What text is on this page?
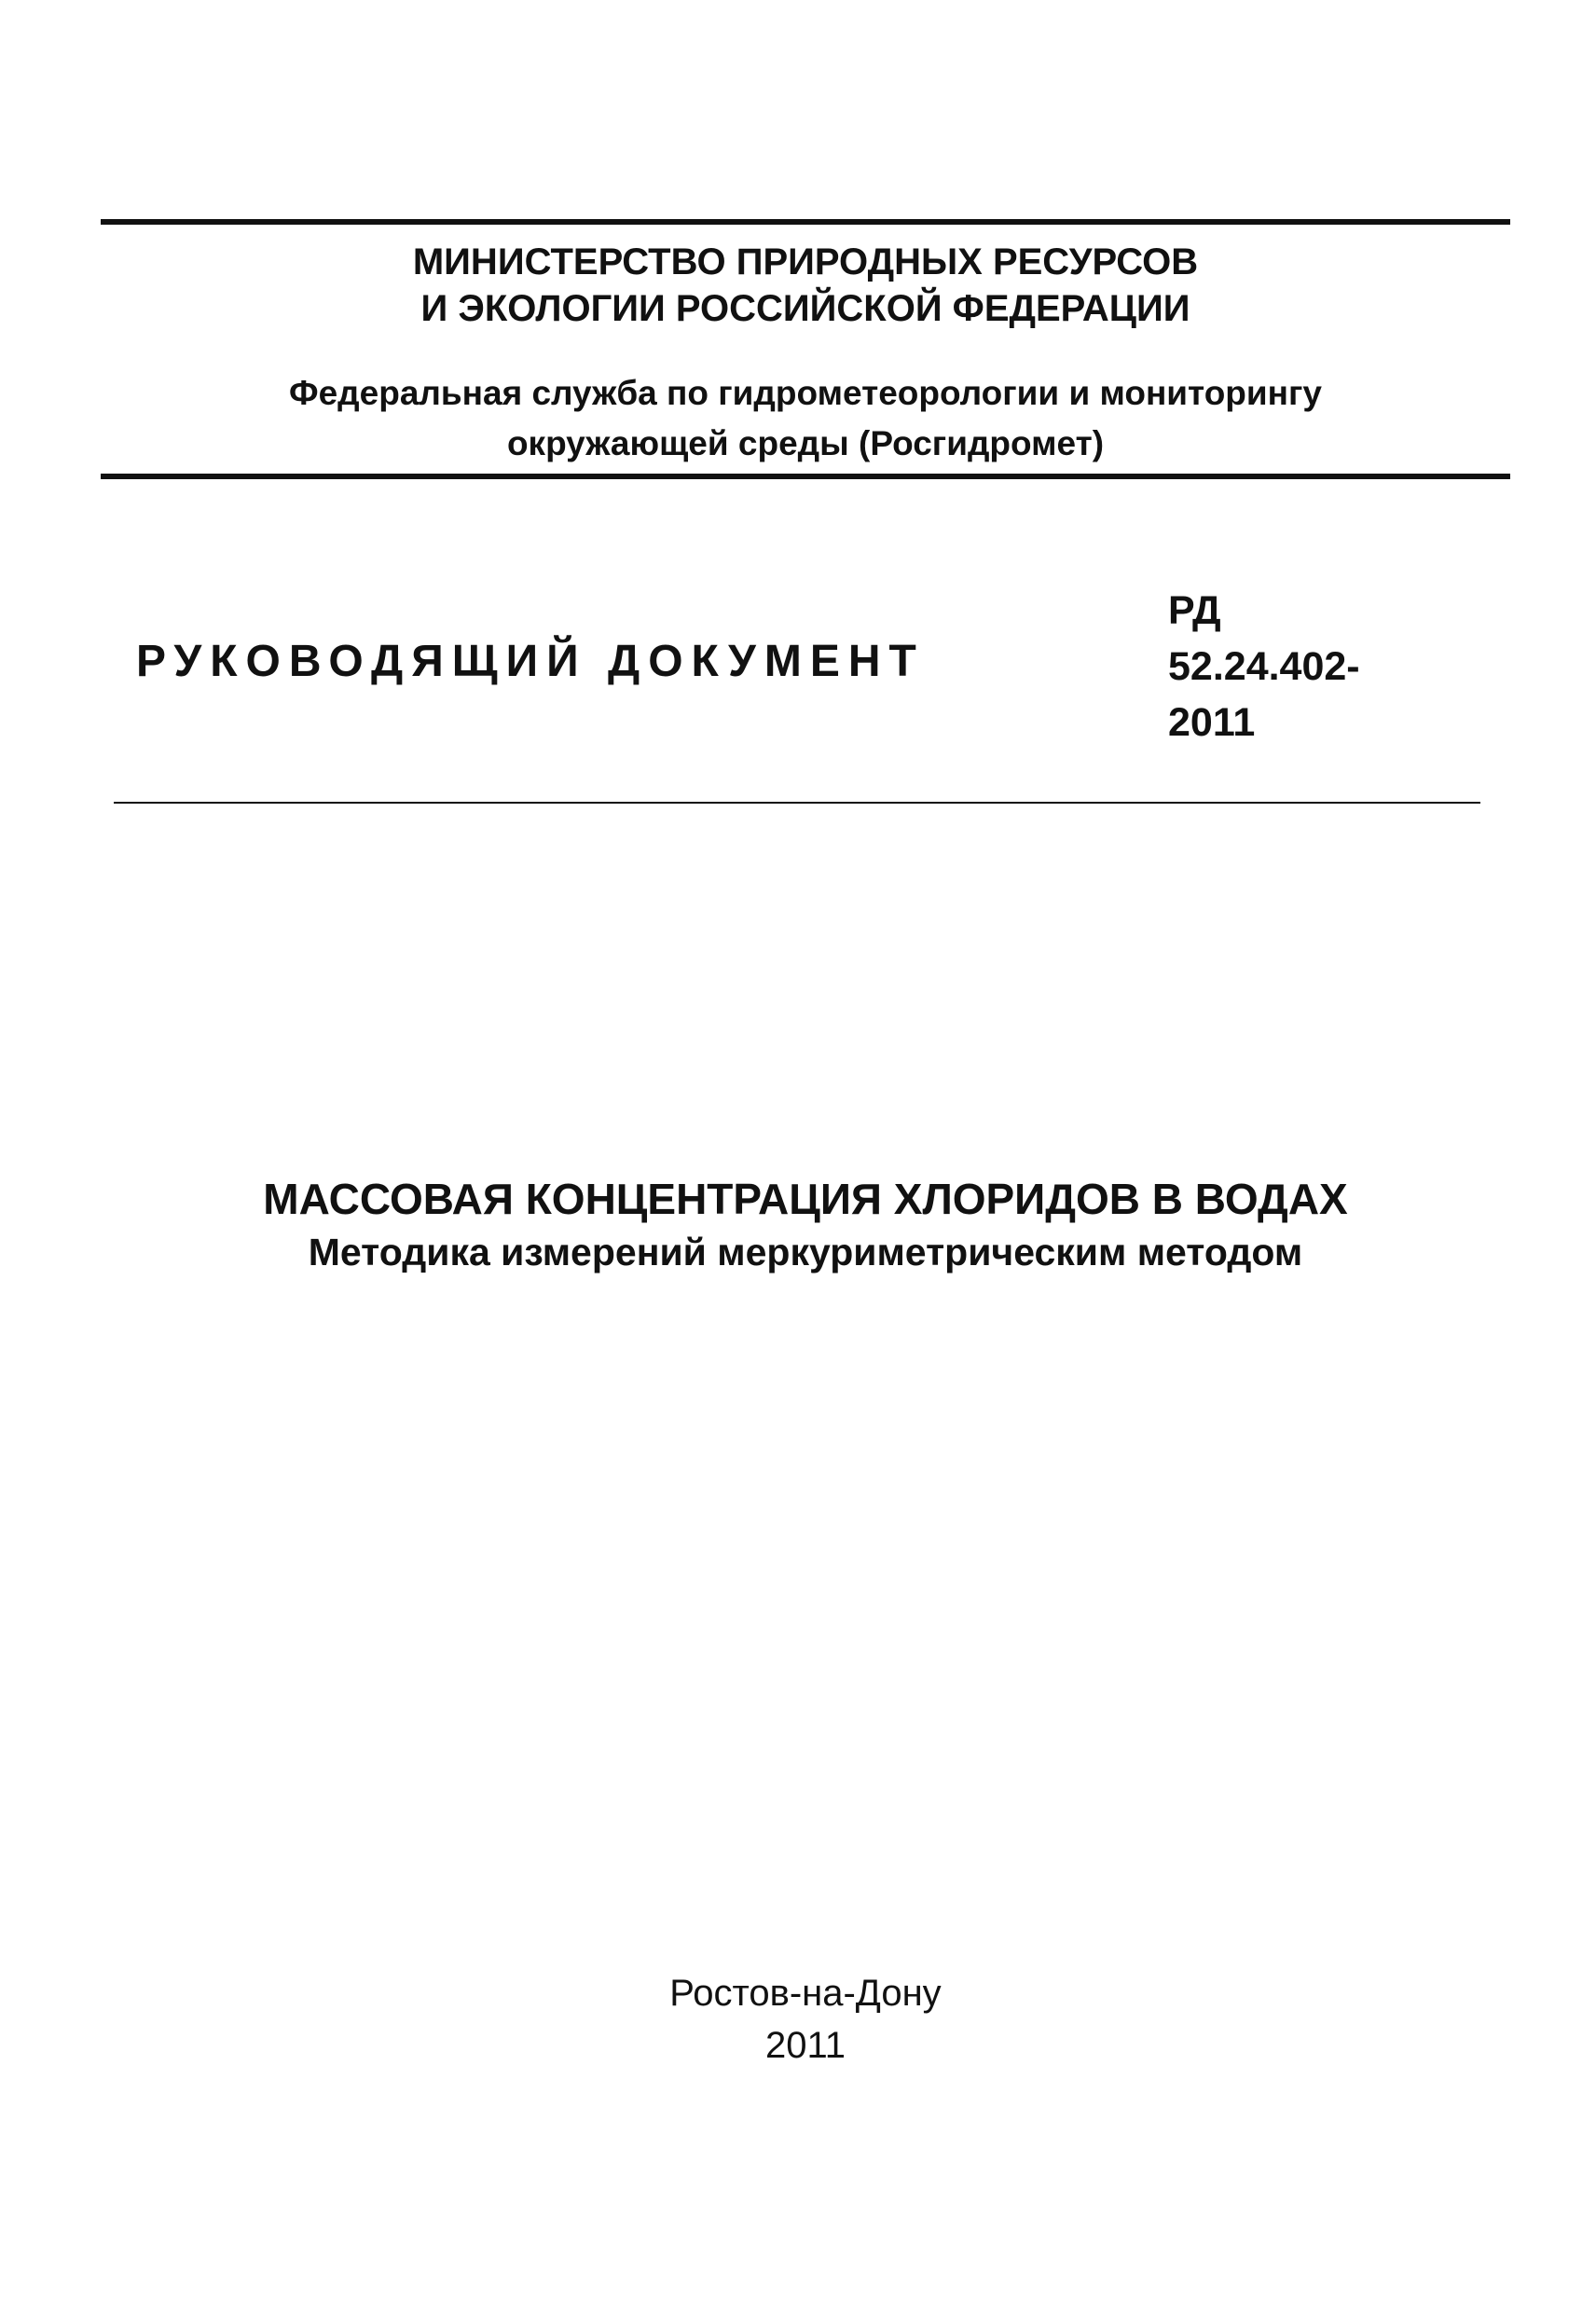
МИНИСТЕРСТВО ПРИРОДНЫХ РЕСУРСОВ
И ЭКОЛОГИИ РОССИЙСКОЙ ФЕДЕРАЦИИ
Федеральная служба по гидрометеорологии и мониторингу
окружающей среды (Росгидромет)
РУКОВОДЯЩИЙ ДОКУМЕНТ
РД
52.24.402-
2011
МАССОВАЯ КОНЦЕНТРАЦИЯ ХЛОРИДОВ В ВОДАХ
Методика измерений меркуриметрическим методом
Ростов-на-Дону
2011
